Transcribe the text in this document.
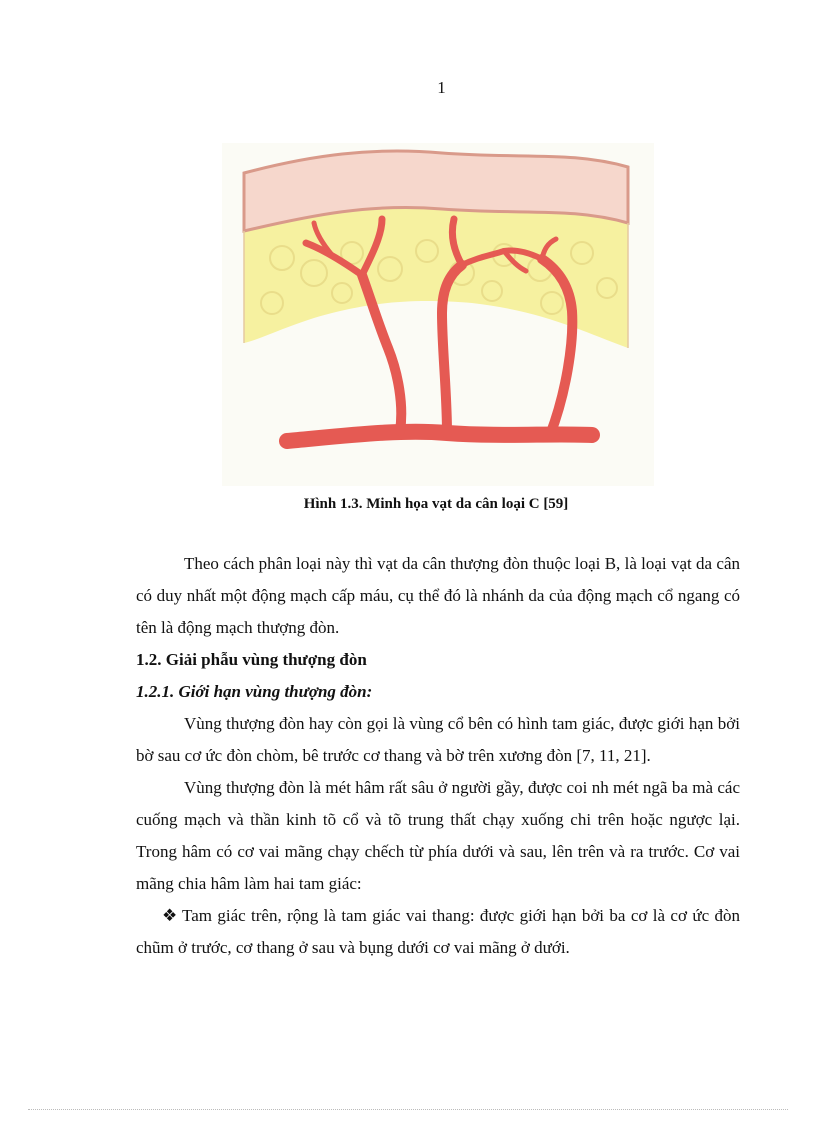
1
Hình 1.3. Minh họa vạt da cân loại C [59]

Theo cách phân loại này thì vạt da cân thượng đòn thuộc loại B, là loại vạt da cân có duy nhất một động mạch cấp máu, cụ thể đó là nhánh da của động mạch cổ ngang có tên là động mạch thượng đòn.

1.2. Giải phẫu vùng thượng đòn

1.2.1. Giới hạn vùng thượng đòn:

Vùng thượng đòn hay còn gọi là vùng cổ bên có hình tam giác, được giới hạn bởi bờ sau cơ ức đòn chòm, bê trước cơ thang và bờ trên xương đòn [7, 11, 21].

Vùng thượng đòn là mét hâm rất sâu ở người gầy, được coi nh mét ngã ba mà các cuống mạch và thần kinh tõ cổ và tõ trung thất chạy xuống chi trên hoặc ngược lại. Trong hâm có cơ vai mãng chạy chếch từ phía dưới và sau, lên trên và ra trước. Cơ vai mãng chia hâm làm hai tam giác:

❖ Tam giác trên, rộng là tam giác vai thang: được giới hạn bởi ba cơ là cơ ức đòn chũm ở trước, cơ thang ở sau và bụng dưới cơ vai mãng ở dưới.
